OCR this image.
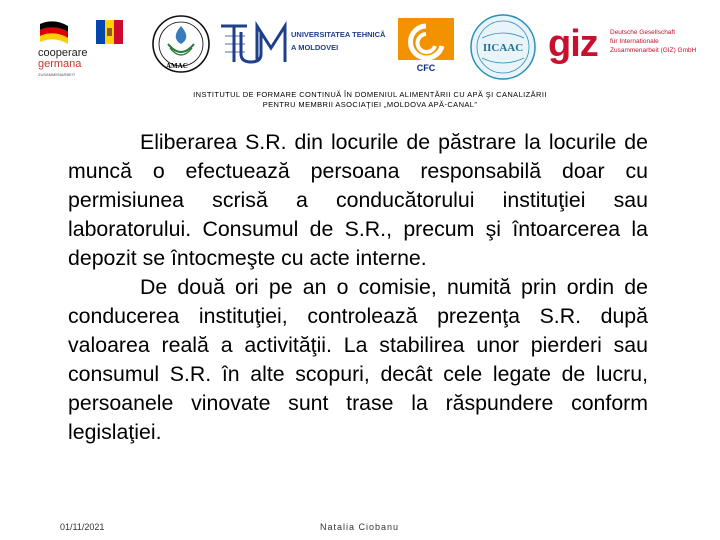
cooperare
germana
ZUSAMMENARBEIT
AMAC
UNIVERSITATEA TEHNICĂ
A MOLDOVEI
CFC
IICAAC giz Deutsche Gesellschaft
für Internationale
Zusammenarbeit (GIZ) GmbH
INSTITUTUL DE FORMARE CONTINUĂ ÎN DOMENIUL ALIMENTĂRII CU APĂ ŞI CANALIZĂRII
PENTRU MEMBRII ASOCIAŢIEI „MOLDOVA APĂ-CANAL”

Eliberarea S.R. din locurile de păstrare la locurile de muncă o efectuează persoana responsabilă doar cu permisiunea scrisă a conducătorului instituţiei sau laboratorului. Consumul de S.R., precum şi întoarcerea la depozit se întocmeşte cu acte interne.

De două ori pe an o comisie, numită prin ordin de conducerea instituţiei, controlează prezenţa S.R. după valoarea reală a activităţii. La stabilirea unor pierderi sau consumul S.R. în alte scopuri, decât cele legate de lucru, persoanele vinovate sunt trase la răspundere conform legislaţiei.

01/11/2021	Natalia Ciobanu
